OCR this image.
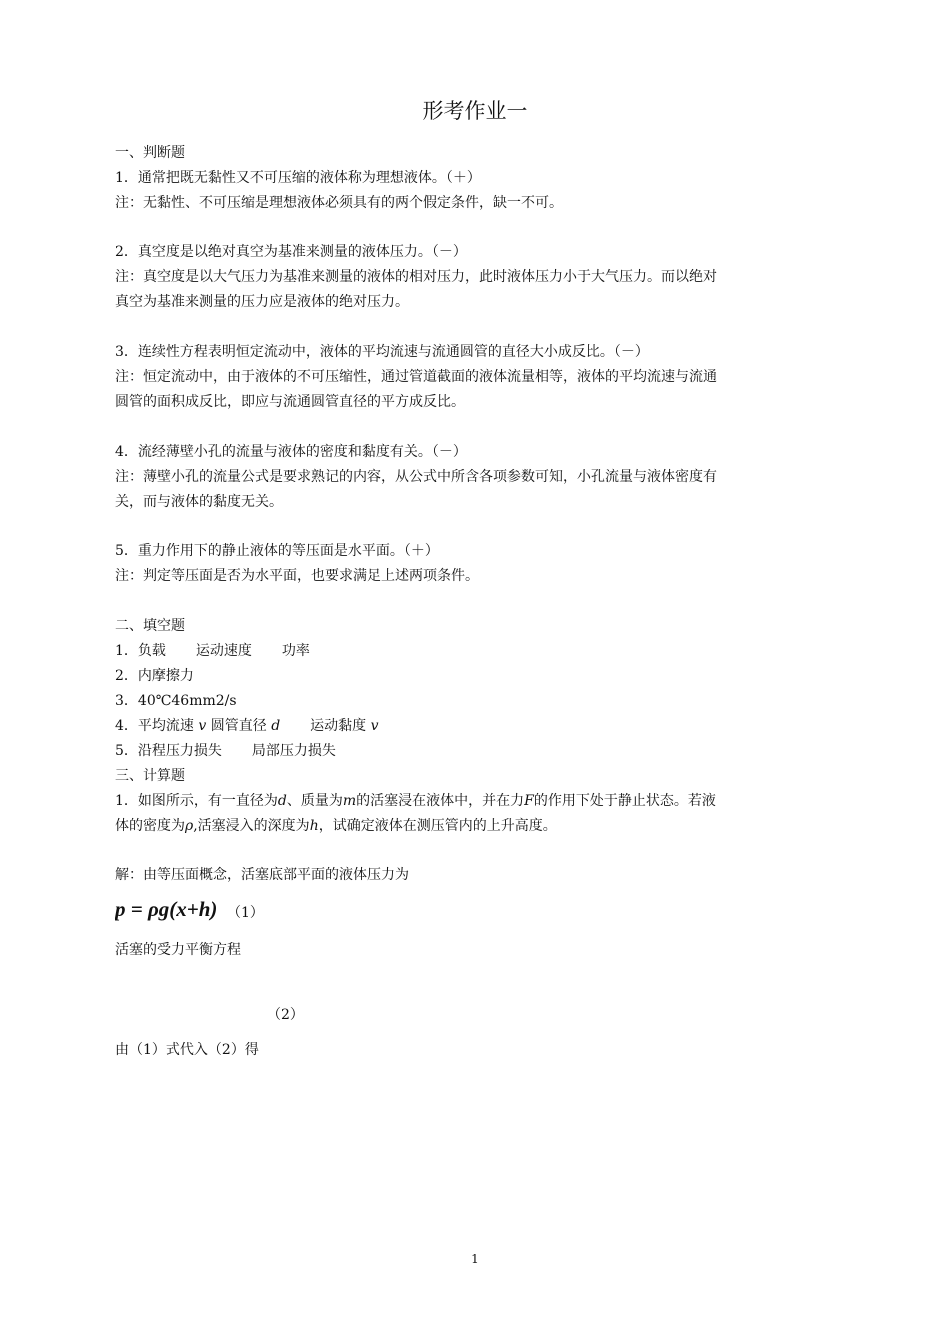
形考作业一
一、判断题
1．通常把既无黏性又不可压缩的液体称为理想液体。（＋）
注：无黏性、不可压缩是理想液体必须具有的两个假定条件，缺一不可。
2．真空度是以绝对真空为基准来测量的液体压力。（－）
注：真空度是以大气压力为基准来测量的液体的相对压力，此时液体压力小于大气压力。而以绝对
真空为基准来测量的压力应是液体的绝对压力。
3．连续性方程表明恒定流动中，液体的平均流速与流通圆管的直径大小成反比。（－）
注：恒定流动中，由于液体的不可压缩性，通过管道截面的液体流量相等，液体的平均流速与流通
圆管的面积成反比，即应与流通圆管直径的平方成反比。
4．流经薄壁小孔的流量与液体的密度和黏度有关。（－）
注：薄壁小孔的流量公式是要求熟记的内容，从公式中所含各项参数可知，小孔流量与液体密度有
关，而与液体的黏度无关。
5．重力作用下的静止液体的等压面是水平面。（＋）
注：判定等压面是否为水平面，也要求满足上述两项条件。
二、填空题
1．负载 运动速度 功率
2．内摩擦力
3．40℃46mm2/s
4．平均流速 v 圆管直径 d 运动黏度 v
5．沿程压力损失 局部压力损失
三、计算题
1．如图所示，有一直径为d、质量为m的活塞浸在液体中，并在力F的作用下处于静止状态。若液
体的密度为ρ,活塞浸入的深度为h，试确定液体在测压管内的上升高度。
解：由等压面概念，活塞底部平面的液体压力为
p = ρg(x+h) （1）
活塞的受力平衡方程
（2）
由（1）式代入（2）得
1
